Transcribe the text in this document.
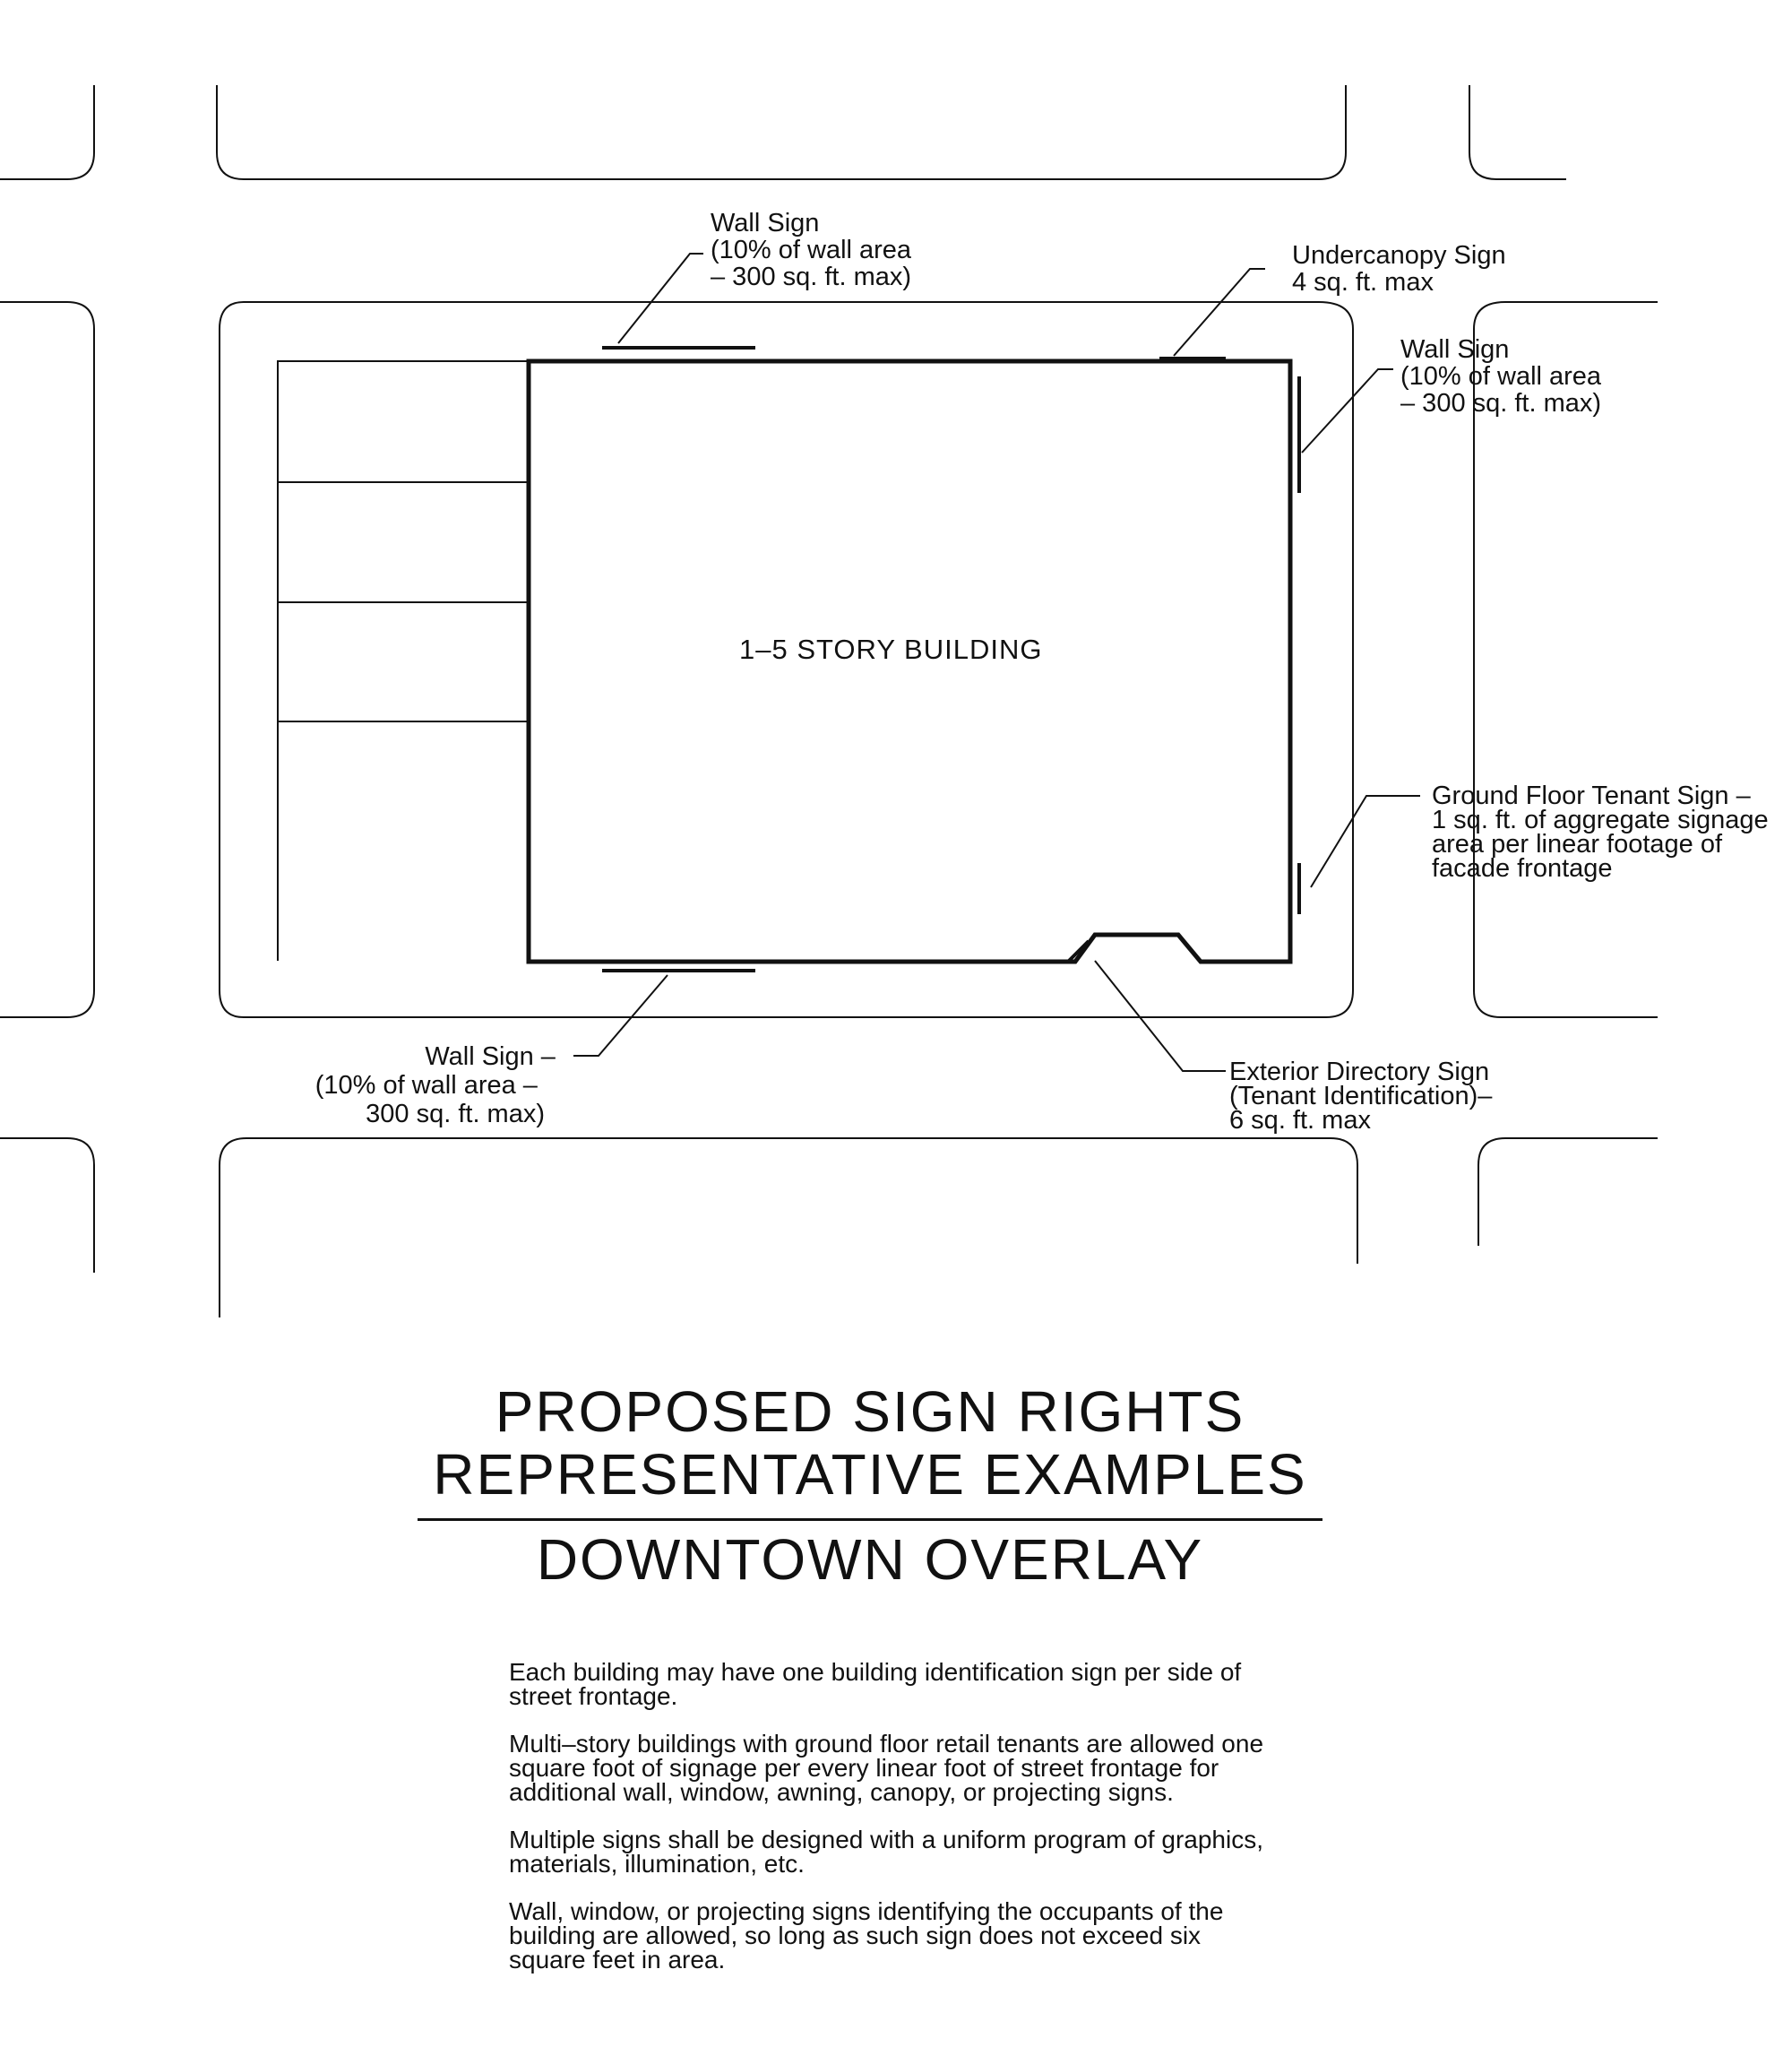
1–5 STORY BUILDING
Wall Sign (10% of wall area – 300 sq. ft. max)
Undercanopy Sign 4 sq. ft. max
Wall Sign (10% of wall area – 300 sq. ft. max)
Ground Floor Tenant Sign – 1 sq. ft. of aggregate signage area per linear footage of facade frontage
Wall Sign – (10% of wall area – 300 sq. ft. max)
Exterior Directory Sign (Tenant Identification)– 6 sq. ft. max
PROPOSED SIGN RIGHTS
REPRESENTATIVE EXAMPLES
DOWNTOWN OVERLAY

Each building may have one building identification sign per side of street frontage.

Multi–story buildings with ground floor retail tenants are allowed one square foot of signage per every linear foot of street frontage for additional wall, window, awning, canopy, or projecting signs.

Multiple signs shall be designed with a uniform program of graphics, materials, illumination, etc.

Wall, window, or projecting signs identifying the occupants of the building are allowed, so long as such sign does not exceed six square feet in area.
